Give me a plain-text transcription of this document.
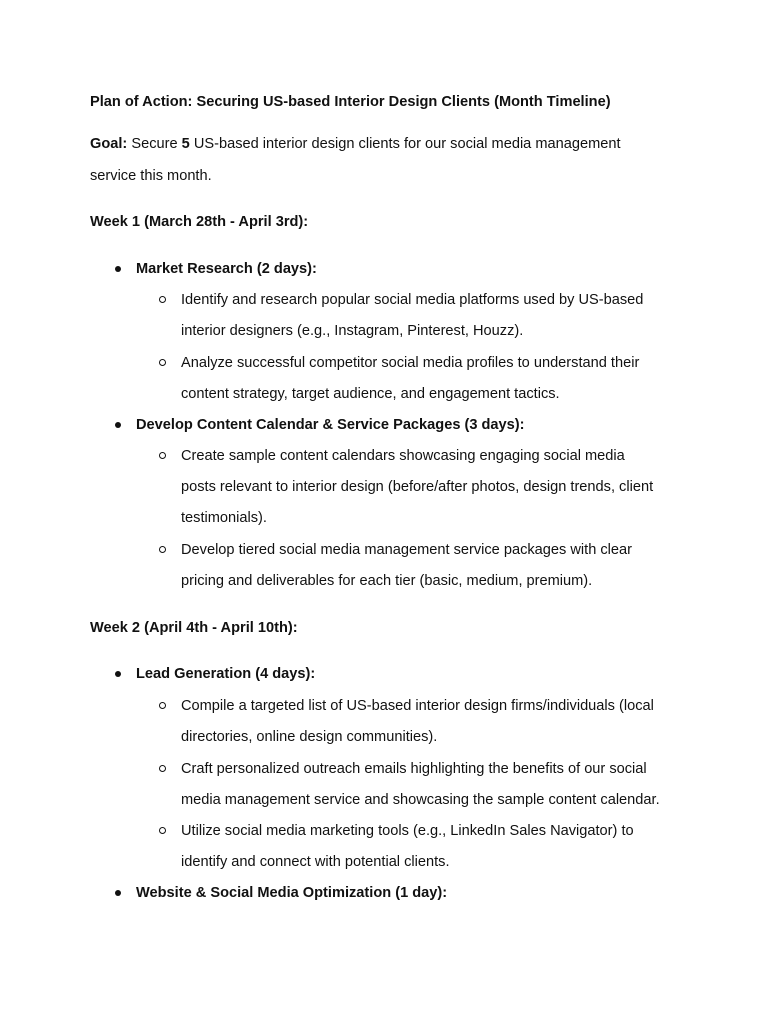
Plan of Action: Securing US-based Interior Design Clients (Month Timeline)
Goal: Secure 5 US-based interior design clients for our social media management
service this month.
Week 1 (March 28th - April 3rd):
Market Research (2 days):
Identify and research popular social media platforms used by US-based
interior designers (e.g., Instagram, Pinterest, Houzz).
Analyze successful competitor social media profiles to understand their
content strategy, target audience, and engagement tactics.
Develop Content Calendar & Service Packages (3 days):
Create sample content calendars showcasing engaging social media
posts relevant to interior design (before/after photos, design trends, client
testimonials).
Develop tiered social media management service packages with clear
pricing and deliverables for each tier (basic, medium, premium).
Week 2 (April 4th - April 10th):
Lead Generation (4 days):
Compile a targeted list of US-based interior design firms/individuals (local
directories, online design communities).
Craft personalized outreach emails highlighting the benefits of our social
media management service and showcasing the sample content calendar.
Utilize social media marketing tools (e.g., LinkedIn Sales Navigator) to
identify and connect with potential clients.
Website & Social Media Optimization (1 day):
